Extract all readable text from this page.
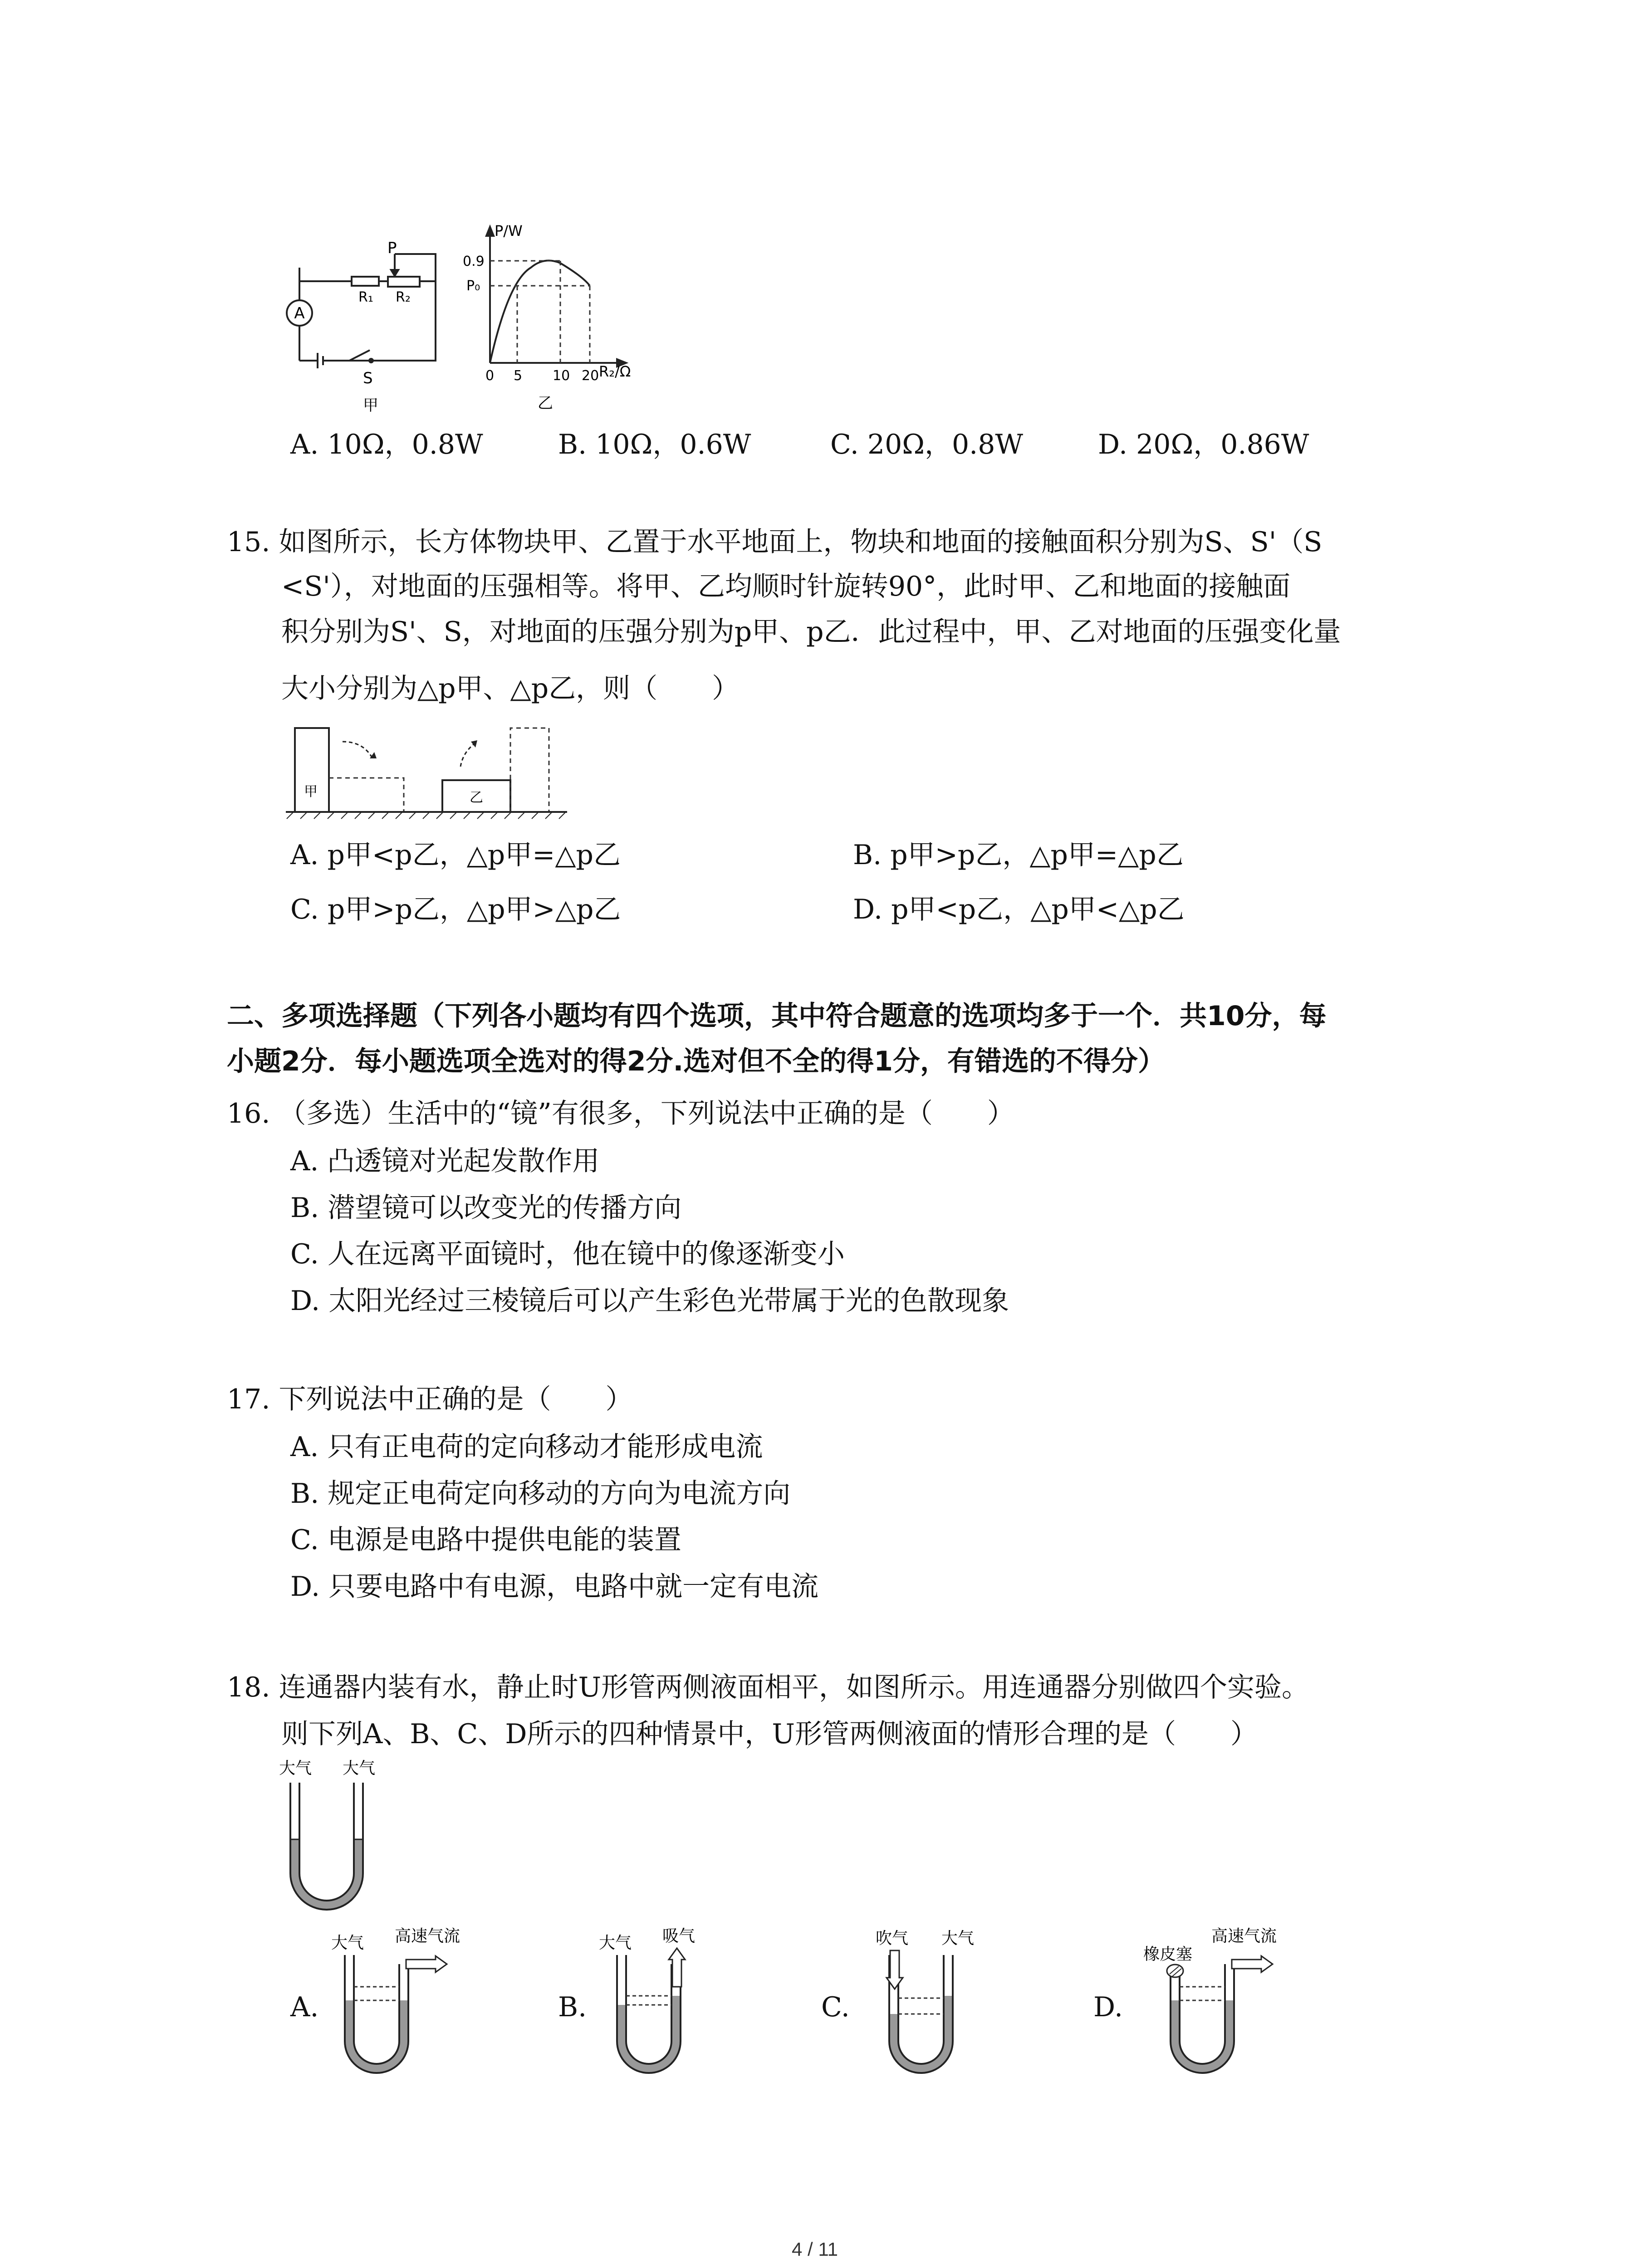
A
P
R₁ R₂
S
甲
P/W
0.9
P₀
0 5 10 20 R₂/Ω
乙
A. 10Ω，0.8W	B. 10Ω，0.6W	C. 20Ω，0.8W	D. 20Ω，0.86W
15. 如图所示，长方体物块甲、乙置于水平地面上，物块和地面的接触面积分别为S、S'（S
<S'），对地面的压强相等。将甲、乙均顺时针旋转90°，此时甲、乙和地面的接触面
积分别为S'、S，对地面的压强分别为p甲、p乙．此过程中，甲、乙对地面的压强变化量
大小分别为△p甲、△p乙，则（　　）
甲	乙
A. p甲<p乙，△p甲=△p乙	B. p甲>p乙，△p甲=△p乙
C. p甲>p乙，△p甲>△p乙	D. p甲<p乙，△p甲<△p乙
二、多项选择题（下列各小题均有四个选项，其中符合题意的选项均多于一个．共10分，每
小题2分．每小题选项全选对的得2分.选对但不全的得1分，有错选的不得分）
16. （多选）生活中的“镜”有很多，下列说法中正确的是（　　）
A. 凸透镜对光起发散作用
B. 潜望镜可以改变光的传播方向
C. 人在远离平面镜时，他在镜中的像逐渐变小
D. 太阳光经过三棱镜后可以产生彩色光带属于光的色散现象
17. 下列说法中正确的是（　　）
A. 只有正电荷的定向移动才能形成电流
B. 规定正电荷定向移动的方向为电流方向
C. 电源是电路中提供电能的装置
D. 只要电路中有电源，电路中就一定有电流
18. 连通器内装有水，静止时U形管两侧液面相平，如图所示。用连通器分别做四个实验。
则下列A、B、C、D所示的四种情景中，U形管两侧液面的情形合理的是（　　）
大气 大气
A.
大气 高速气流
B.
大气 吸气
C.
吹气 大气
D.
橡皮塞
高速气流
4 / 11
